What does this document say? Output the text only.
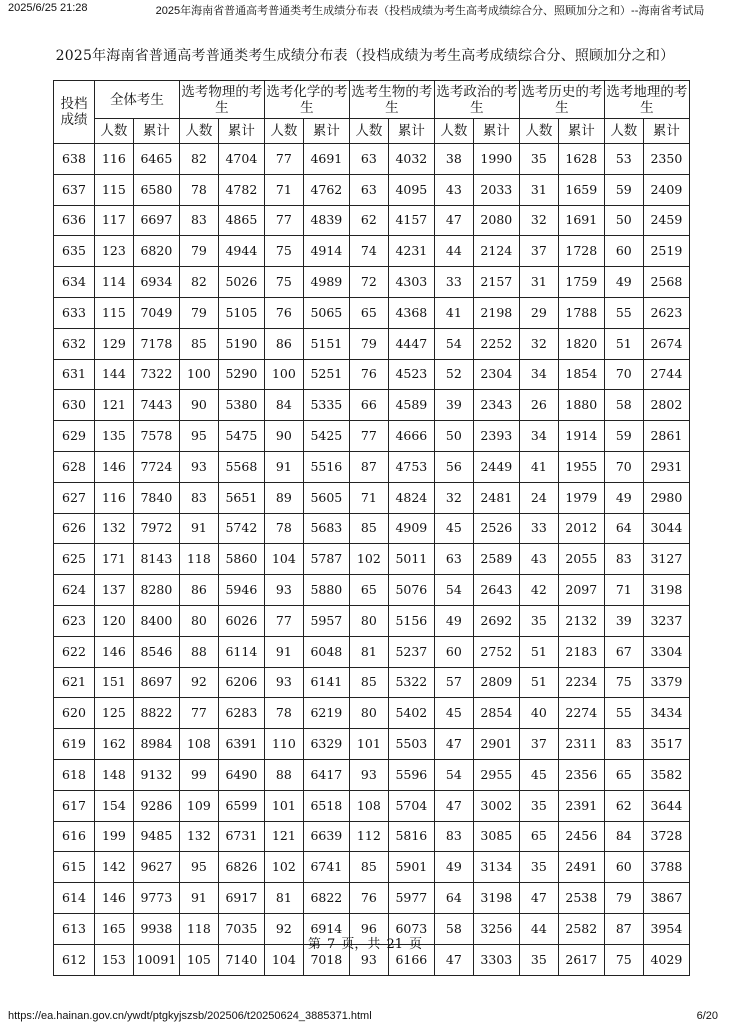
2025/6/25 21:28	2025年海南省普通高考普通类考生成绩分布表（投档成绩为考生高考成绩综合分、照顾加分之和）--海南省考试局
2025年海南省普通高考普通类考生成绩分布表（投档成绩为考生高考成绩综合分、照顾加分之和）
投档成绩	全体考生		选考物理的考生		选考化学的考生		选考生物的考生		选考政治的考生		选考历史的考生		选考地理的考生	
	人数	累计	人数	累计	人数	累计	人数	累计	人数	累计	人数	累计	人数	累计
638	116	6465	82	4704	77	4691	63	4032	38	1990	35	1628	53	2350
637	115	6580	78	4782	71	4762	63	4095	43	2033	31	1659	59	2409
636	117	6697	83	4865	77	4839	62	4157	47	2080	32	1691	50	2459
635	123	6820	79	4944	75	4914	74	4231	44	2124	37	1728	60	2519
634	114	6934	82	5026	75	4989	72	4303	33	2157	31	1759	49	2568
633	115	7049	79	5105	76	5065	65	4368	41	2198	29	1788	55	2623
632	129	7178	85	5190	86	5151	79	4447	54	2252	32	1820	51	2674
631	144	7322	100	5290	100	5251	76	4523	52	2304	34	1854	70	2744
630	121	7443	90	5380	84	5335	66	4589	39	2343	26	1880	58	2802
629	135	7578	95	5475	90	5425	77	4666	50	2393	34	1914	59	2861
628	146	7724	93	5568	91	5516	87	4753	56	2449	41	1955	70	2931
627	116	7840	83	5651	89	5605	71	4824	32	2481	24	1979	49	2980
626	132	7972	91	5742	78	5683	85	4909	45	2526	33	2012	64	3044
625	171	8143	118	5860	104	5787	102	5011	63	2589	43	2055	83	3127
624	137	8280	86	5946	93	5880	65	5076	54	2643	42	2097	71	3198
623	120	8400	80	6026	77	5957	80	5156	49	2692	35	2132	39	3237
622	146	8546	88	6114	91	6048	81	5237	60	2752	51	2183	67	3304
621	151	8697	92	6206	93	6141	85	5322	57	2809	51	2234	75	3379
620	125	8822	77	6283	78	6219	80	5402	45	2854	40	2274	55	3434
619	162	8984	108	6391	110	6329	101	5503	47	2901	37	2311	83	3517
618	148	9132	99	6490	88	6417	93	5596	54	2955	45	2356	65	3582
617	154	9286	109	6599	101	6518	108	5704	47	3002	35	2391	62	3644
616	199	9485	132	6731	121	6639	112	5816	83	3085	65	2456	84	3728
615	142	9627	95	6826	102	6741	85	5901	49	3134	35	2491	60	3788
614	146	9773	91	6917	81	6822	76	5977	64	3198	47	2538	79	3867
613	165	9938	118	7035	92	6914	96	6073	58	3256	44	2582	87	3954
612	153	10091	105	7140	104	7018	93	6166	47	3303	35	2617	75	4029
第 7 页，共 21 页
https://ea.hainan.gov.cn/ywdt/ptgkyjszsb/202506/t20250624_3885371.html	6/20
